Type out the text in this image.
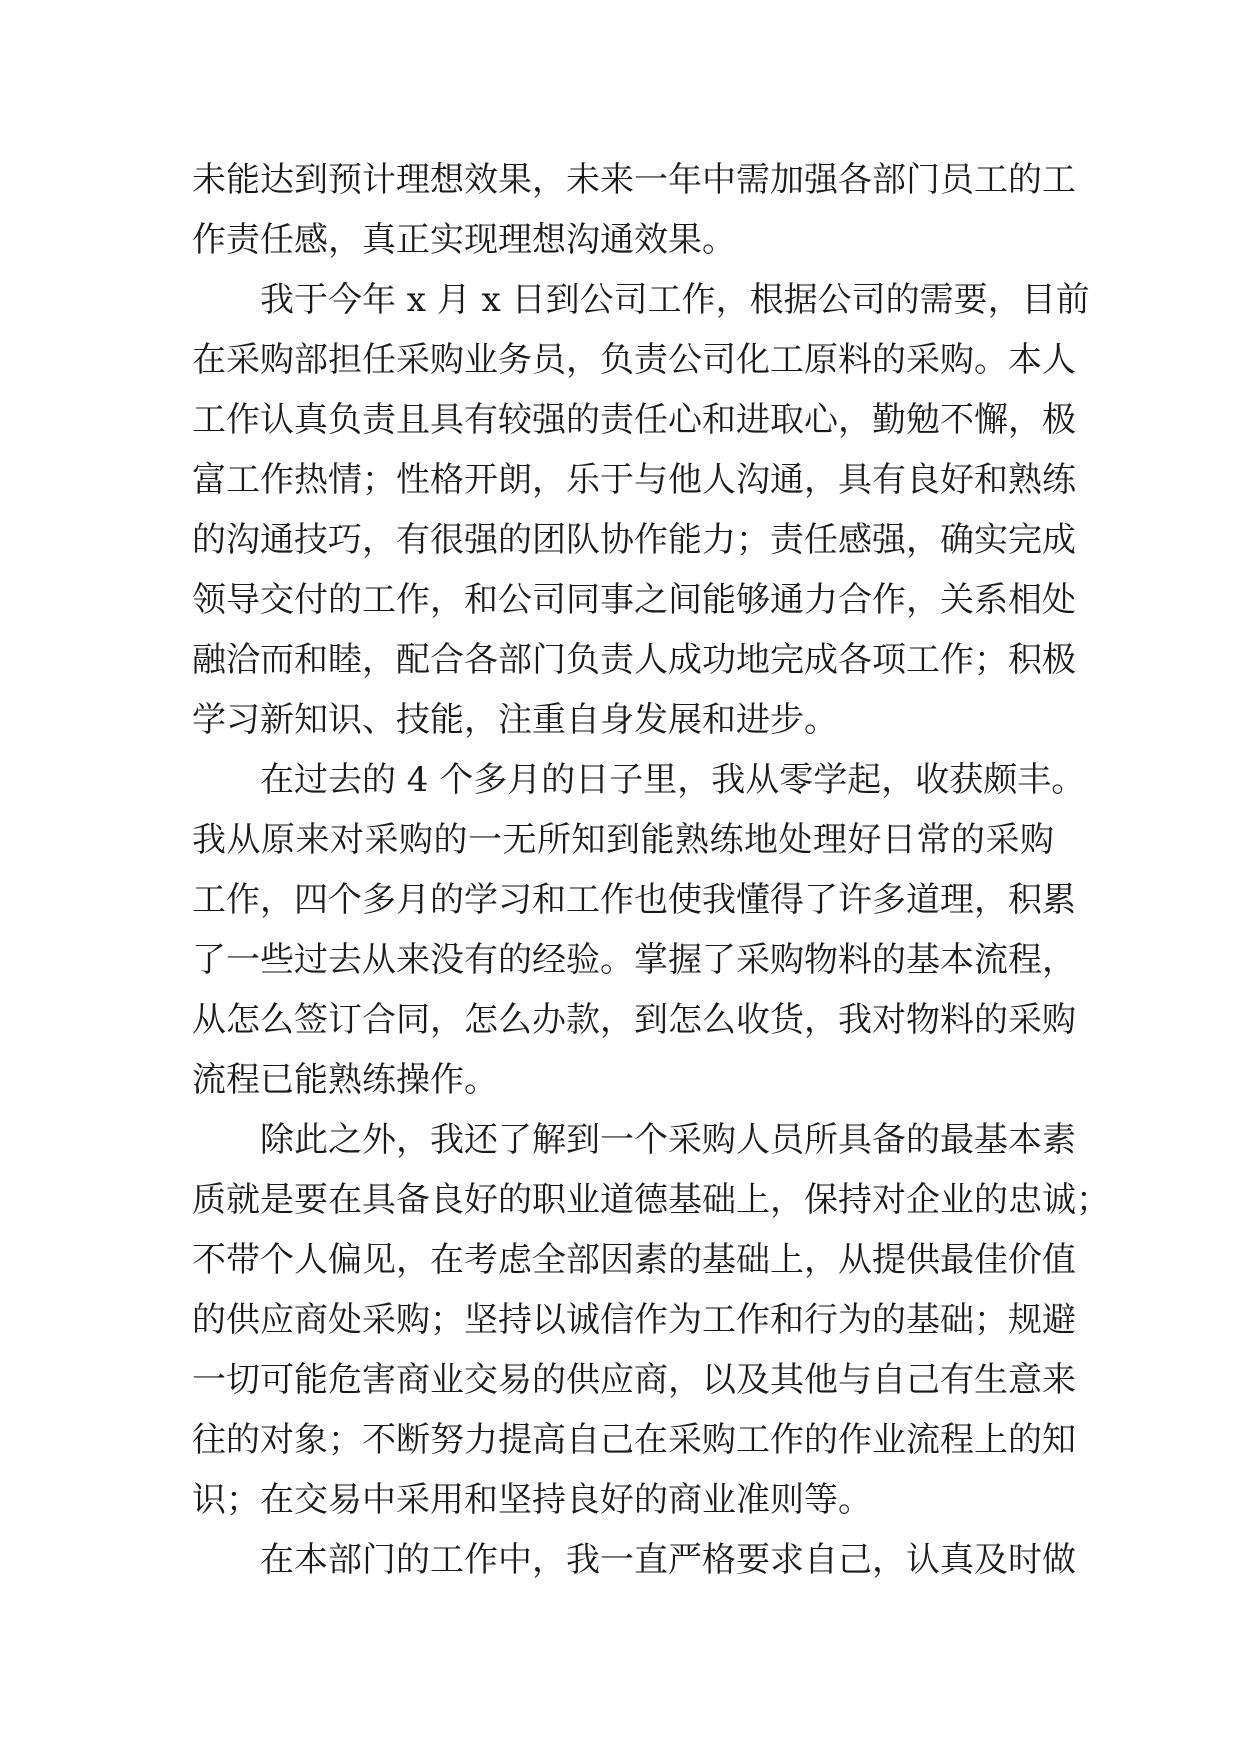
未能达到预计理想效果，未来一年中需加强各部门员工的工
作责任感，真正实现理想沟通效果。
我于今年 x 月 x 日到公司工作，根据公司的需要，目前
在采购部担任采购业务员，负责公司化工原料的采购。本人
工作认真负责且具有较强的责任心和进取心，勤勉不懈，极
富工作热情；性格开朗，乐于与他人沟通，具有良好和熟练
的沟通技巧，有很强的团队协作能力；责任感强，确实完成
领导交付的工作，和公司同事之间能够通力合作，关系相处
融洽而和睦，配合各部门负责人成功地完成各项工作；积极
学习新知识、技能，注重自身发展和进步。
在过去的 4 个多月的日子里，我从零学起，收获颇丰。
我从原来对采购的一无所知到能熟练地处理好日常的采购
工作，四个多月的学习和工作也使我懂得了许多道理，积累
了一些过去从来没有的经验。掌握了采购物料的基本流程，
从怎么签订合同，怎么办款，到怎么收货，我对物料的采购
流程已能熟练操作。
除此之外，我还了解到一个采购人员所具备的最基本素
质就是要在具备良好的职业道德基础上，保持对企业的忠诚；
不带个人偏见，在考虑全部因素的基础上，从提供最佳价值
的供应商处采购；坚持以诚信作为工作和行为的基础；规避
一切可能危害商业交易的供应商，以及其他与自己有生意来
往的对象；不断努力提高自己在采购工作的作业流程上的知
识；在交易中采用和坚持良好的商业准则等。
在本部门的工作中，我一直严格要求自己，认真及时做
